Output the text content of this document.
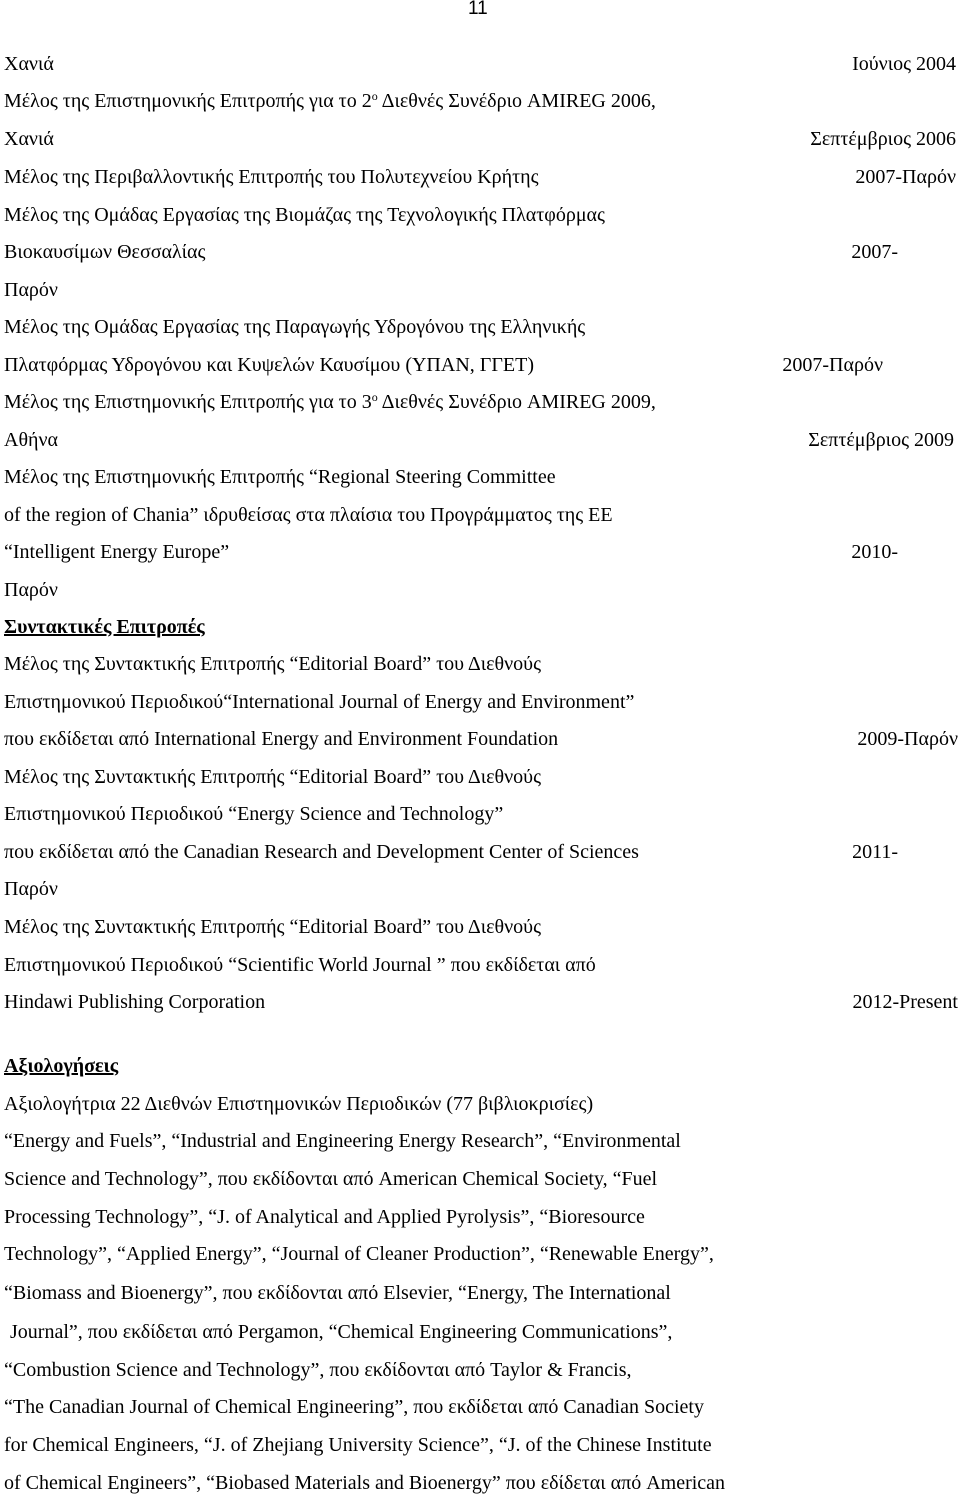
11
Χανιά	Ιούνιος 2004
Μέλος της Επιστημονικής Επιτροπής για το $2^o$ Διεθνές Συνέδριο AMIREG 2006,
Χανιά	Σεπτέμβριος 2006
Μέλος της Περιβαλλοντικής Επιτροπής του Πολυτεχνείου Κρήτης	2007-Παρόν
Μέλος της Ομάδας Εργασίας της Βιομάζας της Τεχνολογικής Πλατφόρμας
Βιοκαυσίμων Θεσσαλίας	2007-
Παρόν
Μέλος της Ομάδας Εργασίας της Παραγωγής Υδρογόνου της Ελληνικής
Πλατφόρμας Υδρογόνου και Κυψελών Καυσίμου (ΥΠΑΝ, ΓΓΕΤ)	2007-Παρόν
Μέλος της Επιστημονικής Επιτροπής για το $3^o$ Διεθνές Συνέδριο AMIREG 2009,
Αθήνα	Σεπτέμβριος 2009
Μέλος της Επιστημονικής Επιτροπής “Regional Steering Committee
of the region of Chania” ιδρυθείσας στα πλαίσια του Προγράμματος της ΕΕ
“Intelligent Energy Europe”	2010-
Παρόν
Συντακτικές Επιτροπές
Μέλος της Συντακτικής Επιτροπής “Editorial Board” του Διεθνούς
Επιστημονικού Περιοδικού“International Journal of Energy and Environment”
που εκδίδεται από International Energy and Environment Foundation	2009-Παρόν
Μέλος της Συντακτικής Επιτροπής “Editorial Board” του Διεθνούς
Επιστημονικού Περιοδικού “Energy Science and Technology”
που εκδίδεται από the Canadian Research and Development Center of Sciences	2011-
Παρόν
Μέλος της Συντακτικής Επιτροπής “Editorial Board” του Διεθνούς
Επιστημονικού Περιοδικού “Scientific World Journal ” που εκδίδεται από
Hindawi Publishing Corporation	2012-Present
Αξιολογήσεις
Αξιολογήτρια 22 Διεθνών Επιστημονικών Περιοδικών (77 βιβλιοκρισίες)
“Energy and Fuels”, “Industrial and Engineering Energy Research”, “Environmental
Science and Technology”, που εκδίδονται από American Chemical Society, “Fuel
Processing Technology”, “J. of Analytical and Applied Pyrolysis”, “Bioresource
Technology”, “Applied Energy”, “Journal of Cleaner Production”, “Renewable Energy”,
“Biomass and Bioenergy”, που εκδίδονται από Elsevier, “Energy, The International
Journal”, που εκδίδεται από Pergamon, “Chemical Engineering Communications”,
“Combustion Science and Technology”, που εκδίδονται από Taylor & Francis,
“The Canadian Journal of Chemical Engineering”, που εκδίδεται από Canadian Society
for Chemical Engineers, “J. of Zhejiang University Science”, “J. of the Chinese Institute
of Chemical Engineers”, “Biobased Materials and Bioenergy” που εδίδεται από American
